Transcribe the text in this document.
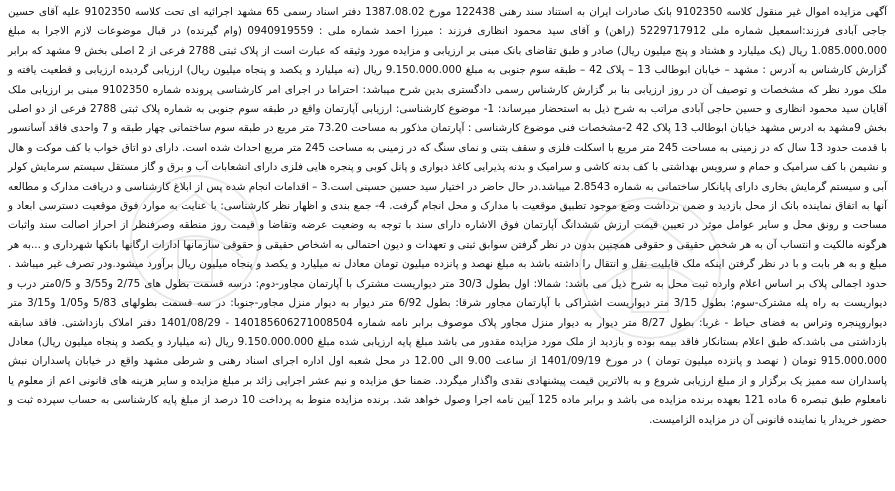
آگهی مزایده اموال غیر منقول کلاسه 9102350 بانک صادرات ایران به استناد سند رهنی 122438 مورخ 1387.08.02 دفتر اسناد رسمی 65 مشهد اجرائیه ای تحت کلاسه 9102350 علیه آقای حسین جاجی آبادی فرزند:اسمعیل شماره ملی 5229717912 (راهن) و آقای سید محمود انظاری فرزند : میرزا احمد شماره ملی : 0940919559 (وام گیرنده) در قبال موضوعات لازم الاجرا به مبلغ 1.085.000.000 ریال (یک میلیارد و هشتاد و پنج میلیون ریال) صادر و طبق تقاضای بانک مبنی بر ارزیابی و مزایده مورد وثیقه که عبارت است از پلاک ثبتی 2788 فرعی از 2 اصلی بخش 9 مشهد که برابر گزارش کارشناس به آدرس : مشهد – خیابان ابوطالب 13 – پلاک 42 – طبقه سوم جنوبی به مبلغ 9.150.000.000 ریال (نه میلیارد و یکصد و پنجاه میلیون ریال) ارزیابی گردیده ارزیابی و قطعیت یافته و ملک مورد نظر که مشخصات و توصیف آن در روز ارزیابی بنا بر گزارش کارشناس رسمی دادگستری بدین شرح میباشد: احتراما در اجرای امر کارشناسی پرونده شماره 9102350 مبنی بر ارزیابی ملک آقایان سید محمود انظاری و حسین حاجی آبادی مراتب به شرح ذیل به استحضار میرساند: 1- موضوع کارشناسی: ارزیابی آپارتمان واقع در طبقه سوم جنوبی به شماره پلاک ثبتی 2788 فرعی از دو اصلی بخش 9مشهد به ادرس مشهد خیابان ابوطالب 13 پلاک 42 2-مشخصات فنی موضوع کارشناسی : آپارتمان مذکور به مساحت 73.20 متر مربع در طبقه سوم ساختمانی چهار طبقه و 7 واحدی فاقد آسانسور با قدمت حدود 13 سال که در زمینی به مساحت 245 متر مربع با اسکلت فلزی و سقف بتنی و نمای سنگ که در زمینی به مساحت 245 متر مربع احداث شده است. دارای دو اتاق خواب با کف موکت و هال و نشیمن با کف سرامیک و حمام و سرویس بهداشتی با کف بدنه کاشی و سرامیک و بدنه پذیرایی کاغذ دیواری و پانل کوبی و پنجره هایی فلزی دارای انشعابات آب و برق و گاز مستقل سیستم سرمایش کولر آبی و سیستم گرمایش بخاری دارای پایانکار ساختمانی به شماره 2.8543 میباشد.در حال حاضر در اختیار سید حسین حسینی است.3 – اقدامات انجام شده پس از ابلاغ کارشناسی و دریافت مدارک و مطالعه آنها به اتفاق نماینده بانک از محل بازدید و ضمن برداشت وضع موجود تطبیق موقعیت با مدارک و محل انجام گرفت. 4- جمع بندی و اظهار نظر کارشناسی: با عنایت به موارد فوق موقعیت دسترسی ابعاد و مساحت و رونق محل و سایر عوامل موثر در تعیین قیمت ارزش ششدانگ آپارتمان فوق الاشاره دارای سند با توجه به وضعیت عرضه وتقاضا و قیمت روز منطقه وصرفنظر از احراز اصالت سند واثبات هرگونه مالکیت و انتساب آن به هر شخص حقیقی و حقوقی همچنین بدون در نظر گرفتن سوابق ثبتی و تعهدات و دیون احتمالی به اشخاص حقیقی و حقوقی سازمانها ادارات ارگانها بانکها شهرداری و ...به هر مبلغ و به هر بابت و با در نظر گرفتن اینکه ملک قابلیت نقل و انتقال را داشته باشد به مبلغ نهصد و پانزده میلیون تومان معادل نه میلیارد و یکصد و پنجاه میلیون ریال برآورد میشود.ودر تصرف غیر میباشد . حدود اجمالی پلاک بر اساس اعلام وارده ثبت محل به شرح ذیل می باشد: شمالا: اول بطول 30/3 متر دیواریست مشترک با آپارتمان مجاور-دوم: درسه قسمت بطول های 2/75 و3/55 و 0/5متر درب و دیواریست به راه پله مشترک-سوم: بطول 3/15 متر دیواریست اشتراکی با آپارتمان مجاور شرقا: بطول 6/92 متر دیوار به دیوار منزل مجاور-جنوبا: در سه قسمت بطولهای 5/83 و1/05 و3/15 متر دیواروپنجره وتراس به فضای حیاط - غربا: بطول 8/27 متر دیوار به دیوار منزل مجاور پلاک موصوف برابر نامه شماره 140185606271008504 - 1401/08/29 دفتر املاک بازداشتی. فاقد سابقه بازداشتی می باشد.که طبق اعلام بستانکار فاقد بیمه بوده و بازدید از ملک مورد مزایده مقدور می باشد مبلغ پایه ارزیابی شده مبلغ 9.150.000.000 ریال (نه میلیارد و یکصد و پنجاه میلیون ریال) معادل 915.000.000 تومان ( نهصد و پانزده میلیون تومان ) در مورخ 1401/09/19 از ساعت 9.00 الی 12.00 در محل شعبه اول اداره اجرای اسناد رهنی و شرطی مشهد واقع در خیابان پاسداران نبش پاسداران سه ممیز یک برگزار و از مبلغ ارزیابی شروع و به بالاترین قیمت پیشنهادی نقدی واگذار میگردد. ضمنا حق مزایده و نیم عشر اجرایی زائد بر مبلغ مزایده و سایر هزینه های قانونی اعم از معلوم یا نامعلوم طبق تبصره 6 ماده 121 بعهده برنده مزایده می باشد و برابر ماده 125 آیین نامه اجرا وصول خواهد شد. برنده مزایده منوط به پرداخت 10 درصد از مبلغ پایه کارشناسی به حساب سپرده ثبت و حضور خریدار یا نماینده قانونی آن در مزایده الزامیست.
